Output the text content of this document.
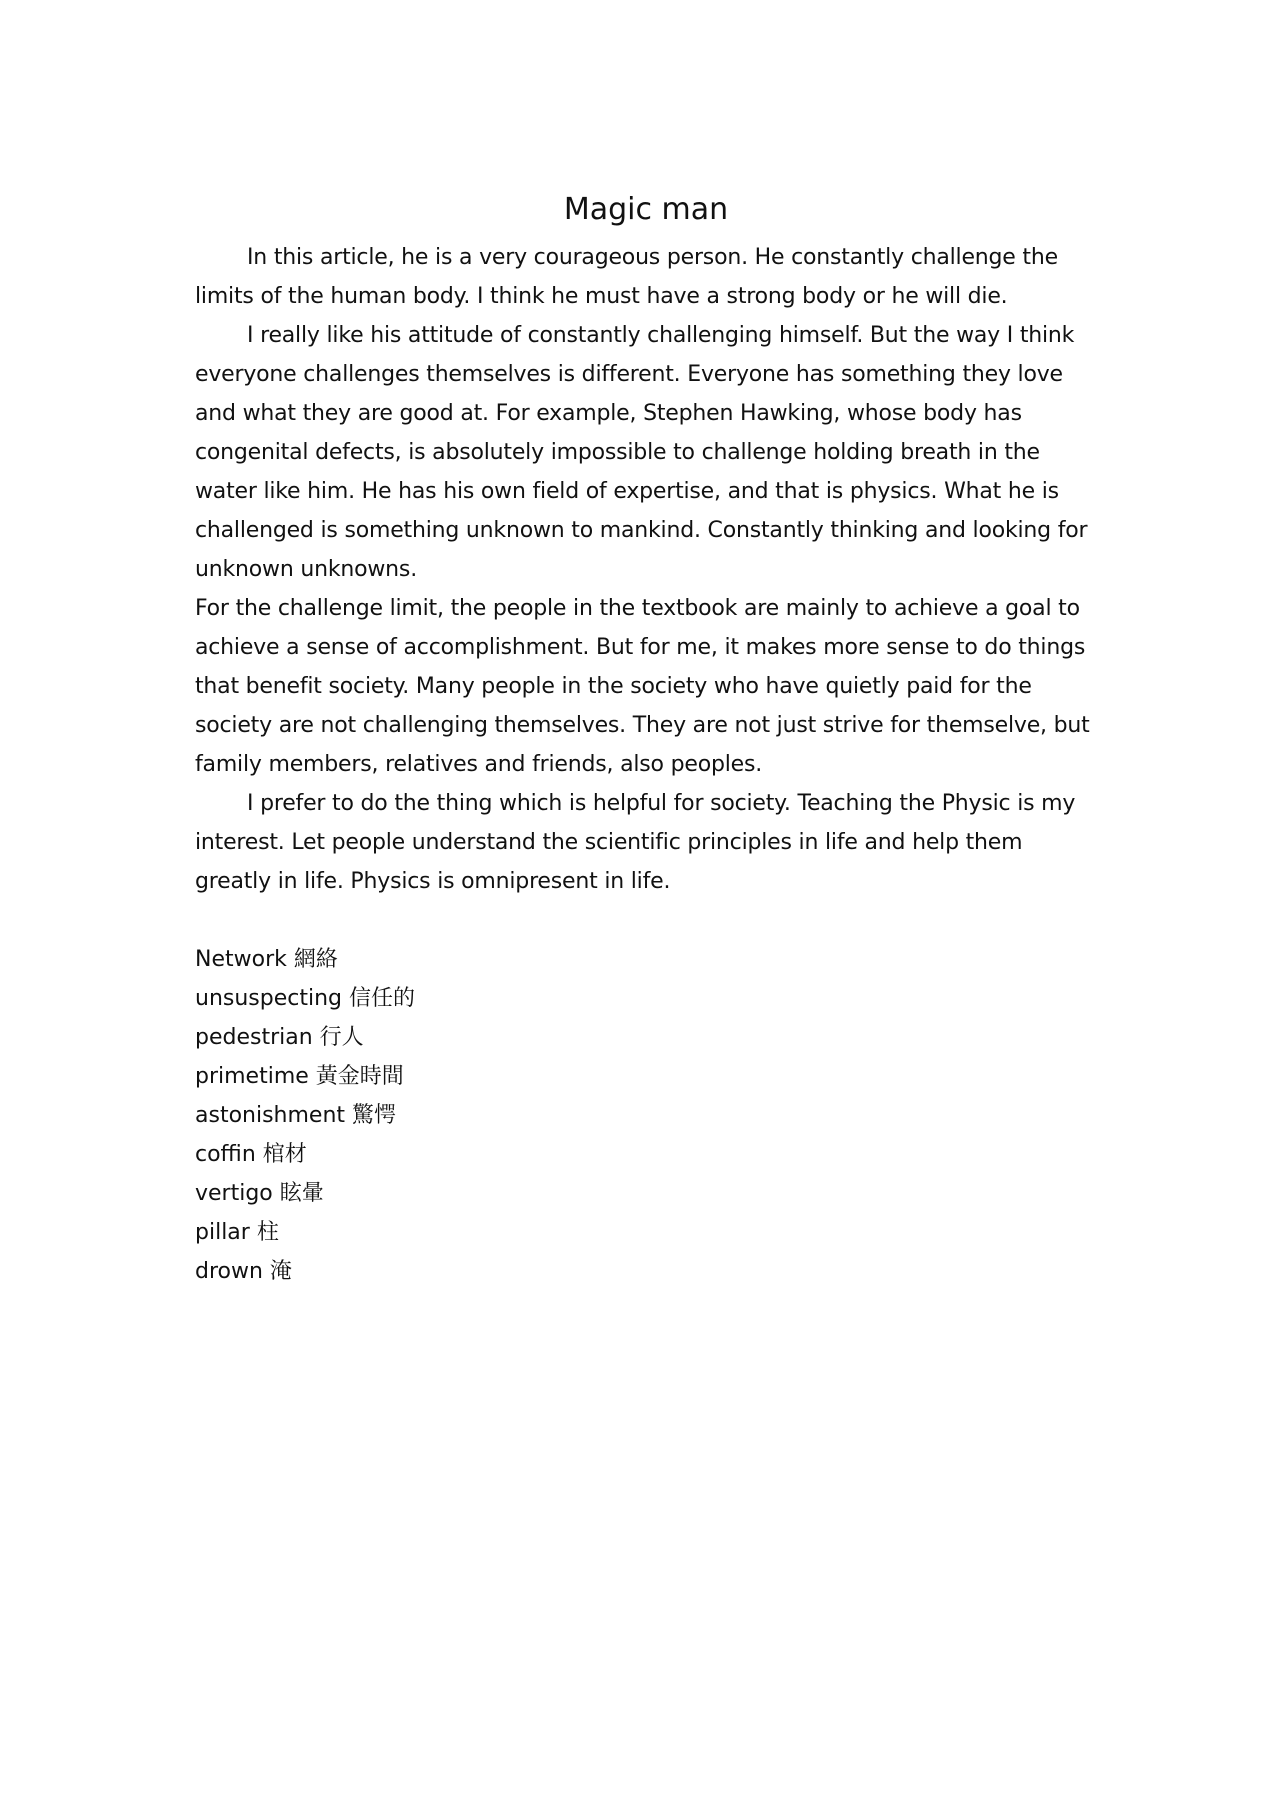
Magic man

In this article, he is a very courageous person. He constantly challenge the limits of the human body. I think he must have a strong body or he will die.

I really like his attitude of constantly challenging himself. But the way I think everyone challenges themselves is different. Everyone has something they love and what they are good at. For example, Stephen Hawking, whose body has congenital defects, is absolutely impossible to challenge holding breath in the water like him. He has his own field of expertise, and that is physics. What he is challenged is something unknown to mankind. Constantly thinking and looking for unknown unknowns.

For the challenge limit, the people in the textbook are mainly to achieve a goal to achieve a sense of accomplishment. But for me, it makes more sense to do things that benefit society. Many people in the society who have quietly paid for the society are not challenging themselves. They are not just strive for themselve, but family members, relatives and friends, also peoples.

I prefer to do the thing which is helpful for society. Teaching the Physic is my interest. Let people understand the scientific principles in life and help them greatly in life. Physics is omnipresent in life.

Network 網絡

unsuspecting 信任的

pedestrian 行人

primetime 黃金時間

astonishment 驚愕

coffin 棺材

vertigo 眩暈

pillar 柱

drown 淹
